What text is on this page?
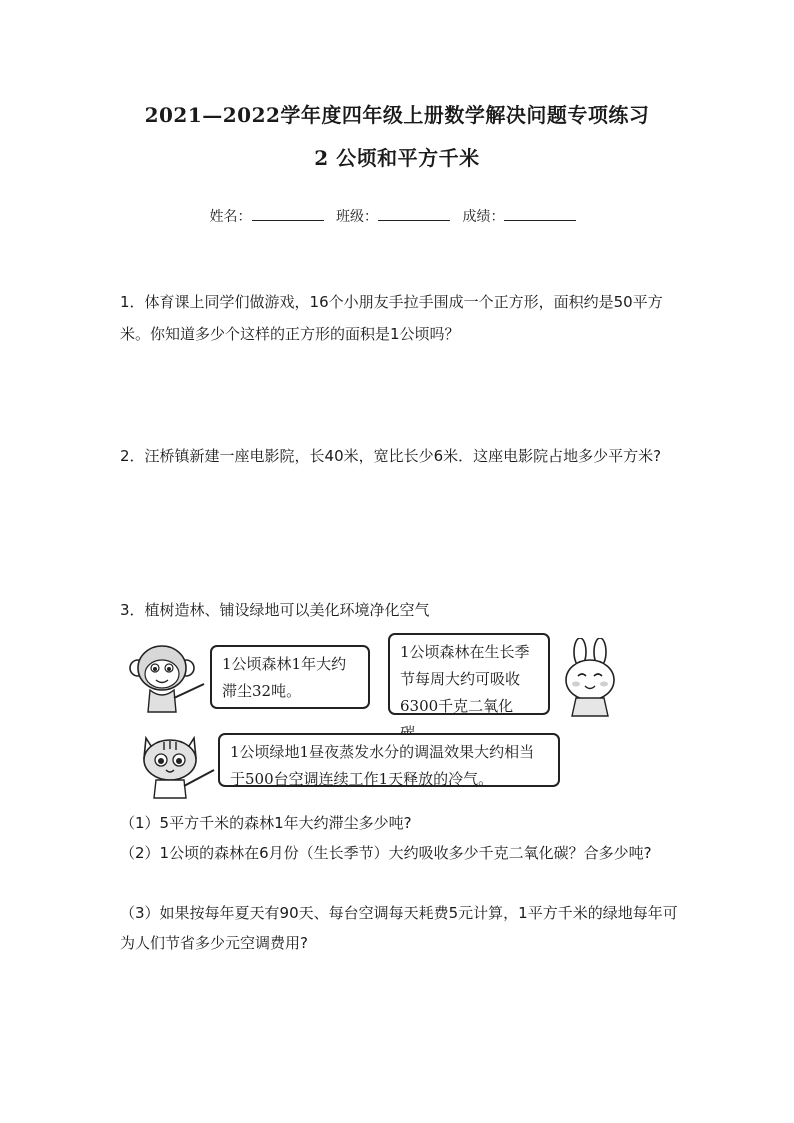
2021—2022学年度四年级上册数学解决问题专项练习
2 公顷和平方千米
姓名：	班级：	成绩：
1．体育课上同学们做游戏，16个小朋友手拉手围成一个正方形，面积约是50平方米。你知道多少个这样的正方形的面积是1公顷吗？
2．汪桥镇新建一座电影院，长40米，宽比长少6米．这座电影院占地多少平方米?
3．植树造林、铺设绿地可以美化环境净化空气
1公顷森林1年大约滞尘32吨。
1公顷森林在生长季节每周大约可吸收6300千克二氧化
1公顷绿地1昼夜蒸发水分的调温效果大约相当于500台空调连续工作1天释放的冷气。
（1）5平方千米的森林1年大约滞尘多少吨?
（2）1公顷的森林在6月份（生长季节）大约吸收多少千克二氧化碳？合多少吨?
（3）如果按每年夏天有90天、每台空调每天耗费5元计算，1平方千米的绿地每年可为人们节省多少元空调费用?
